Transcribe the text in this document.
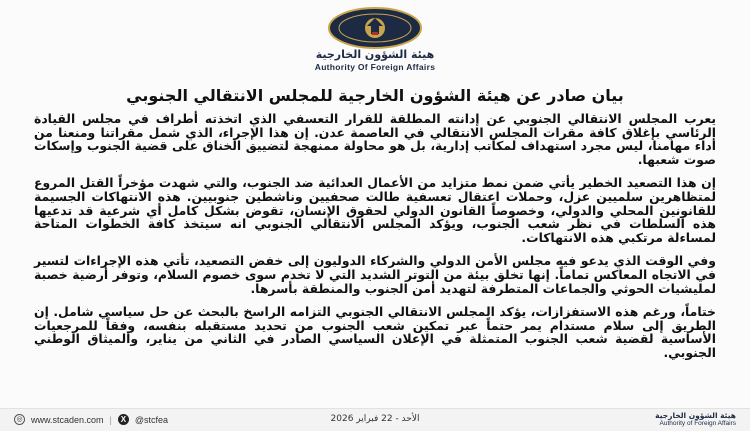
هيئة الشؤون الخارجية
Authority Of Foreign Affairs
بيان صادر عن هيئة الشؤون الخارجية للمجلس الانتقالي الجنوبي

يعرب المجلس الانتقالي الجنوبي عن إدانته المطلقة للقرار التعسفي الذي اتخذته أطراف في مجلس القيادة الرئاسي بإغلاق كافة مقرات المجلس الانتقالي في العاصمة عدن. إن هذا الإجراء، الذي شمل مقراتنا ومنعنا من أداء مهامنا، ليس مجرد استهداف لمكاتب إدارية، بل هو محاولة ممنهجة لتضييق الخناق على قضية الجنوب وإسكات صوت شعبها.

إن هذا التصعيد الخطير يأتي ضمن نمط متزايد من الأعمال العدائية ضد الجنوب، والتي شهدت مؤخراً القتل المروع لمتظاهرين سلميين عزل، وحملات اعتقال تعسفية طالت صحفيين وناشطين جنوبيين. هذه الانتهاكات الجسيمة للقانونين المحلي والدولي، وخصوصاً القانون الدولي لحقوق الإنسان، تقوض بشكل كامل أي شرعية قد تدعيها هذه السلطات في نظر شعب الجنوب، ويؤكد المجلس الانتقالي الجنوبي انه سيتخذ كافة الخطوات المتاحة لمساءلة مرتكبي هذه الانتهاكات.

وفي الوقت الذي يدعو فيه مجلس الأمن الدولي والشركاء الدوليون إلى خفض التصعيد، تأتي هذه الإجراءات لتسير في الاتجاه المعاكس تماماً. إنها تخلق بيئة من التوتر الشديد التي لا تخدم سوى خصوم السلام، وتوفر أرضية خصبة لمليشيات الحوثي والجماعات المتطرفة لتهديد أمن الجنوب والمنطقة بأسرها.

ختاماً، ورغم هذه الاستفزازات، يؤكد المجلس الانتقالي الجنوبي التزامه الراسخ بالبحث عن حل سياسي شامل. إن الطريق إلى سلام مستدام يمر حتماً عبر تمكين شعب الجنوب من تحديد مستقبله بنفسه، وفقاً للمرجعيات الأساسية لقضية شعب الجنوب المتمثلة في الإعلان السياسي الصادر في الثاني من يناير، والميثاق الوطني الجنوبي.

◎ www.stcaden.com |	X @stcfea	الأحد - 22 فبراير 2026	هيئة الشؤون الخارجية
Authority of Foreign Affairs
